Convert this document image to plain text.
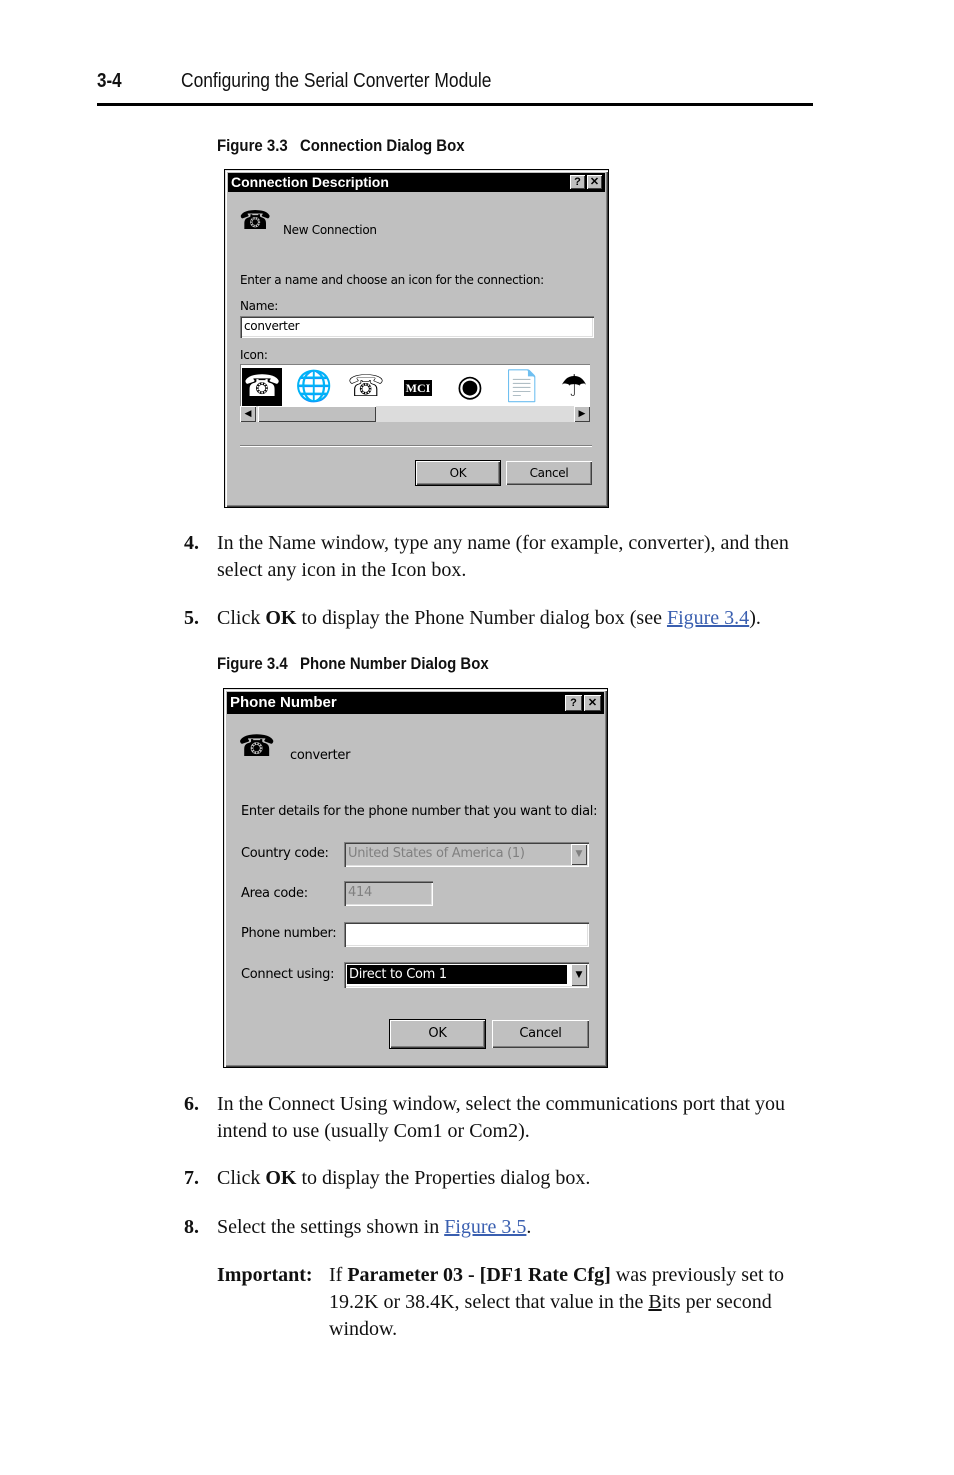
3-4	Configuring the Serial Converter Module
Figure 3.3 Connection Dialog Box
Connection Description	? ✕
☎ New Connection
Enter a name and choose an icon for the connection:
Name:
converter
Icon:
☎ 🌐 ☏	MCI ◉ 📄 ☂
◀	▶
OK	Cancel
4. In the Name window, type any name (for example, converter), and then select any icon in the Icon box.
5. Click OK to display the Phone Number dialog box (see Figure 3.4).
Figure 3.4 Phone Number Dialog Box
Phone Number	?	✕
☎ converter
Enter details for the phone number that you want to dial:
Country code: United States of America (1)	▼
Area code:	414
Phone number:
Connect using: Direct to Com 1	▼
OK	Cancel
6. In the Connect Using window, select the communications port that you intend to use (usually Com1 or Com2).
7. Click OK to display the Properties dialog box.
8. Select the settings shown in Figure 3.5.
Important: If Parameter 03 - [DF1 Rate Cfg] was previously set to 19.2K or 38.4K, select that value in the Bits per second window.
